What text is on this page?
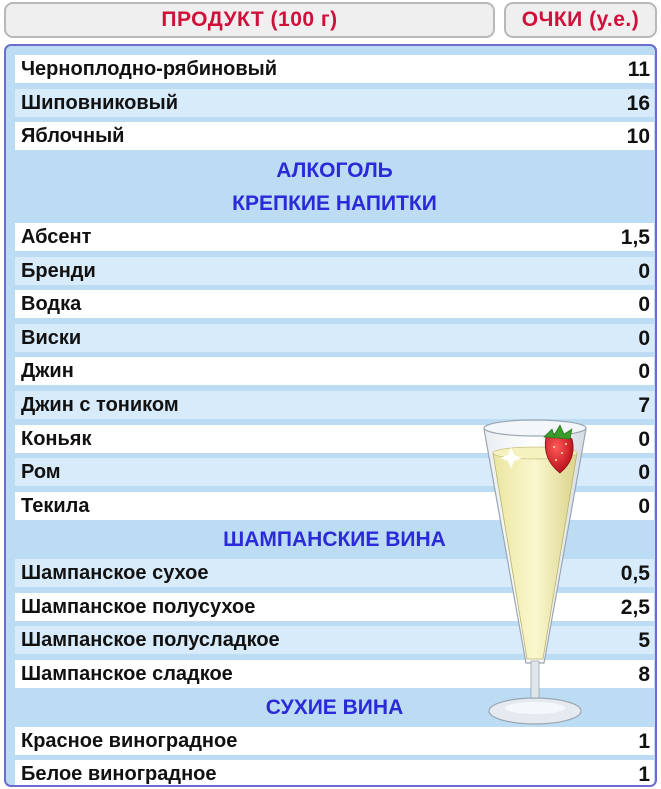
ПРОДУКТ (100 г)	ОЧКИ (у.е.)
Черноплодно-рябиновый	11
Шиповниковый	16
Яблочный	10
АЛКОГОЛЬ
КРЕПКИЕ НАПИТКИ
Абсент	1,5
Бренди	0
Водка	0
Виски	0
Джин	0
Джин с тоником	7
Коньяк	0
Ром	0
Текила	0
ШАМПАНСКИЕ ВИНА
Шампанское сухое	0,5
Шампанское полусухое	2,5
Шампанское полусладкое	5
Шампанское сладкое	8
СУХИЕ ВИНА
Красное виноградное	1
Белое виноградное	1
